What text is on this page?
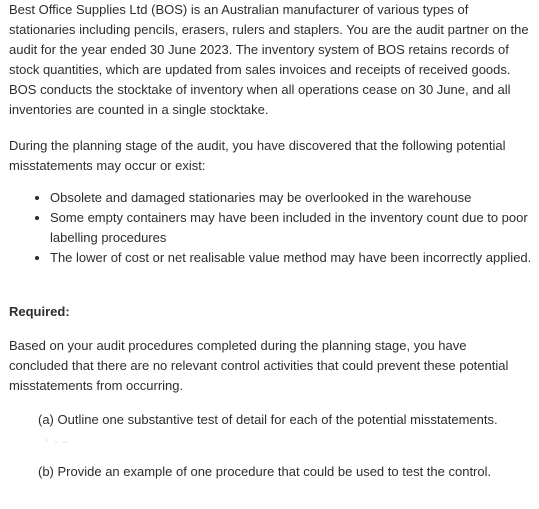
Best Office Supplies Ltd (BOS) is an Australian manufacturer of various types of stationaries including pencils, erasers, rulers and staplers. You are the audit partner on the audit for the year ended 30 June 2023. The inventory system of BOS retains records of stock quantities, which are updated from sales invoices and receipts of received goods. BOS conducts the stocktake of inventory when all operations cease on 30 June, and all inventories are counted in a single stocktake.

During the planning stage of the audit, you have discovered that the following potential misstatements may occur or exist:

Obsolete and damaged stationaries may be overlooked in the warehouse
Some empty containers may have been included in the inventory count due to poor labelling procedures
The lower of cost or net realisable value method may have been incorrectly applied.

Required:

Based on your audit procedures completed during the planning stage, you have concluded that there are no relevant control activities that could prevent these potential misstatements from occurring.

(a) Outline one substantive test of detail for each of the potential misstatements.

(b) Provide an example of one procedure that could be used to test the control.
